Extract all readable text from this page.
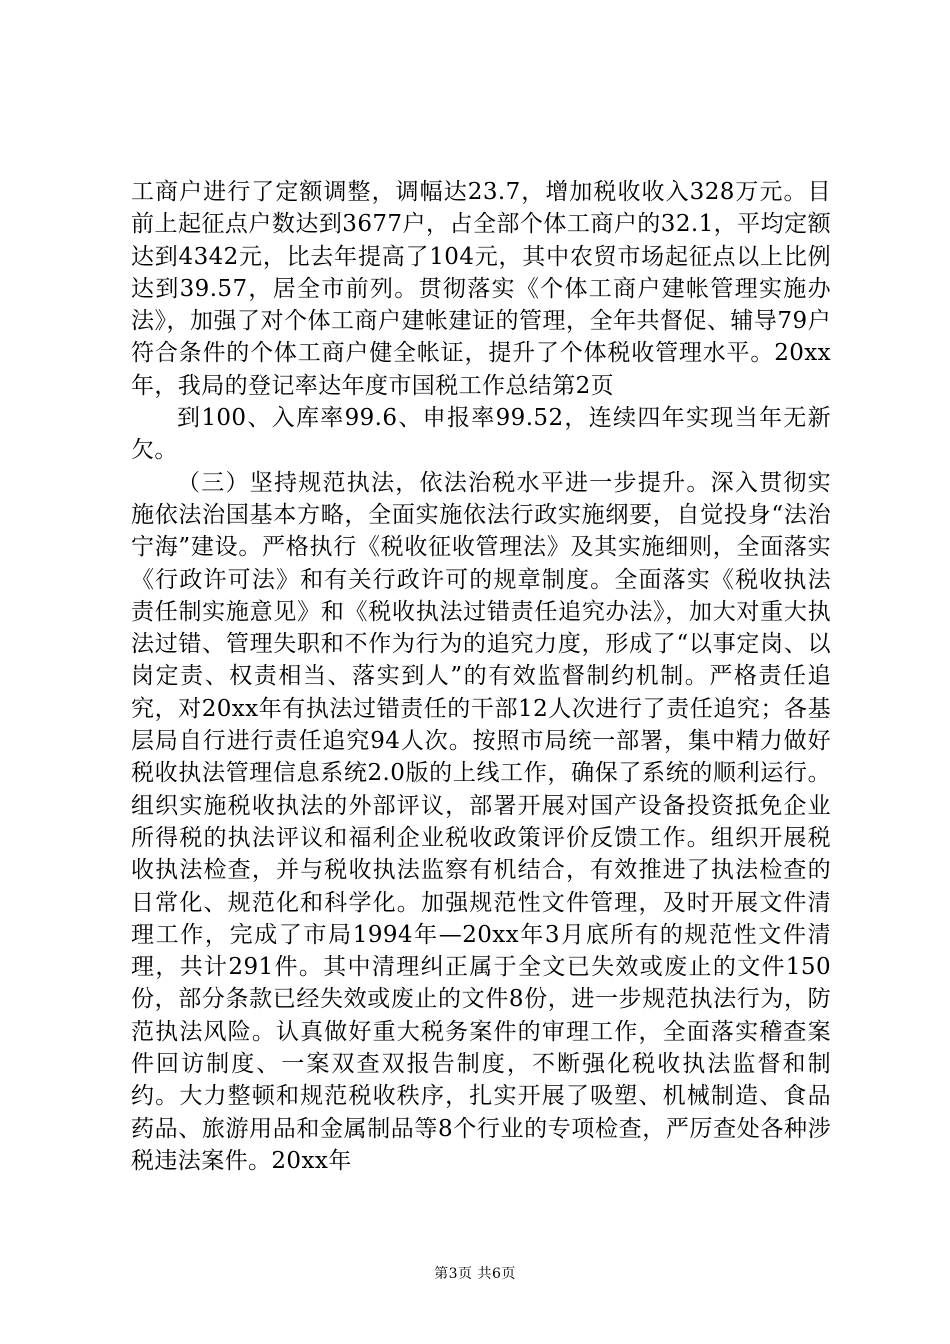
工商户进行了定额调整，调幅达23.7，增加税收收入328万元。目前上起征点户数达到3677户，占全部个体工商户的32.1，平均定额达到4342元，比去年提高了104元，其中农贸市场起征点以上比例达到39.57，居全市前列。贯彻落实《个体工商户建帐管理实施办法》，加强了对个体工商户建帐建证的管理，全年共督促、辅导79户符合条件的个体工商户健全帐证，提升了个体税收管理水平。20xx年，我局的登记率达年度市国税工作总结第2页

到100、入库率99.6、申报率99.52，连续四年实现当年无新欠。

（三）坚持规范执法，依法治税水平进一步提升。深入贯彻实施依法治国基本方略，全面实施依法行政实施纲要，自觉投身“法治宁海”建设。严格执行《税收征收管理法》及其实施细则，全面落实《行政许可法》和有关行政许可的规章制度。全面落实《税收执法责任制实施意见》和《税收执法过错责任追究办法》，加大对重大执法过错、管理失职和不作为行为的追究力度，形成了“以事定岗、以岗定责、权责相当、落实到人”的有效监督制约机制。严格责任追究，对20xx年有执法过错责任的干部12人次进行了责任追究；各基层局自行进行责任追究94人次。按照市局统一部署，集中精力做好税收执法管理信息系统2.0版的上线工作，确保了系统的顺利运行。组织实施税收执法的外部评议，部署开展对国产设备投资抵免企业所得税的执法评议和福利企业税收政策评价反馈工作。组织开展税收执法检查，并与税收执法监察有机结合，有效推进了执法检查的日常化、规范化和科学化。加强规范性文件管理，及时开展文件清理工作，完成了市局1994年—20xx年3月底所有的规范性文件清理，共计291件。其中清理纠正属于全文已失效或废止的文件150份，部分条款已经失效或废止的文件8份，进一步规范执法行为，防范执法风险。认真做好重大税务案件的审理工作，全面落实稽查案件回访制度、一案双查双报告制度，不断强化税收执法监督和制约。大力整顿和规范税收秩序，扎实开展了吸塑、机械制造、食品药品、旅游用品和金属制品等8个行业的专项检查，严厉查处各种涉税违法案件。20xx年

第3页 共6页
